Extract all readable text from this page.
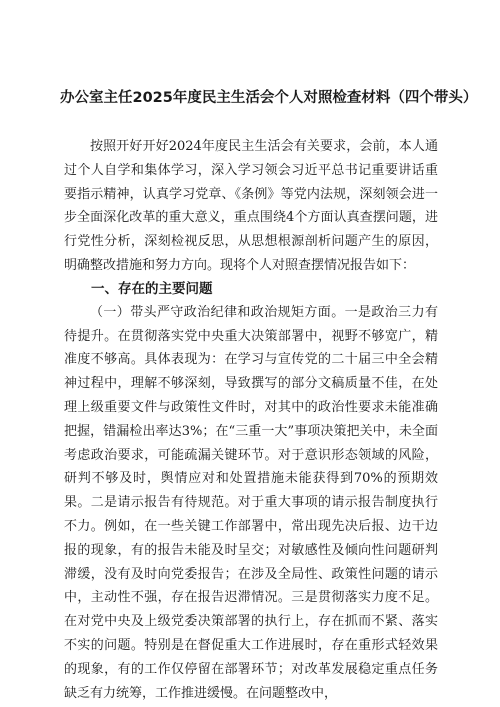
办公室主任2025年度民主生活会个人对照检查材料（四个带头）

按照开好开好2024年度民主生活会有关要求，会前，本人通过个人自学和集体学习，深入学习领会习近平总书记重要讲话重要指示精神，认真学习党章、《条例》等党内法规，深刻领会进一步全面深化改革的重大意义，重点围绕4个方面认真查摆问题，进行党性分析，深刻检视反思，从思想根源剖析问题产生的原因，明确整改措施和努力方向。现将个人对照查摆情况报告如下：

一、存在的主要问题

（一）带头严守政治纪律和政治规矩方面。一是政治三力有待提升。在贯彻落实党中央重大决策部署中，视野不够宽广，精准度不够高。具体表现为：在学习与宣传党的二十届三中全会精神过程中，理解不够深刻，导致撰写的部分文稿质量不佳，在处理上级重要文件与政策性文件时，对其中的政治性要求未能准确把握，错漏检出率达3%；在“三重一大”事项决策把关中，未全面考虑政治要求，可能疏漏关键环节。对于意识形态领域的风险，研判不够及时，舆情应对和处置措施未能获得到70%的预期效果。二是请示报告有待规范。对于重大事项的请示报告制度执行不力。例如，在一些关键工作部署中，常出现先决后报、边干边报的现象，有的报告未能及时呈交；对敏感性及倾向性问题研判滞缓，没有及时向党委报告；在涉及全局性、政策性问题的请示中，主动性不强，存在报告迟滞情况。三是贯彻落实力度不足。在对党中央及上级党委决策部署的执行上，存在抓而不紧、落实不实的问题。特别是在督促重大工作进展时，存在重形式轻效果的现象，有的工作仅停留在部署环节；对改革发展稳定重点任务缺乏有力统筹，工作推进缓慢。在问题整改中，
